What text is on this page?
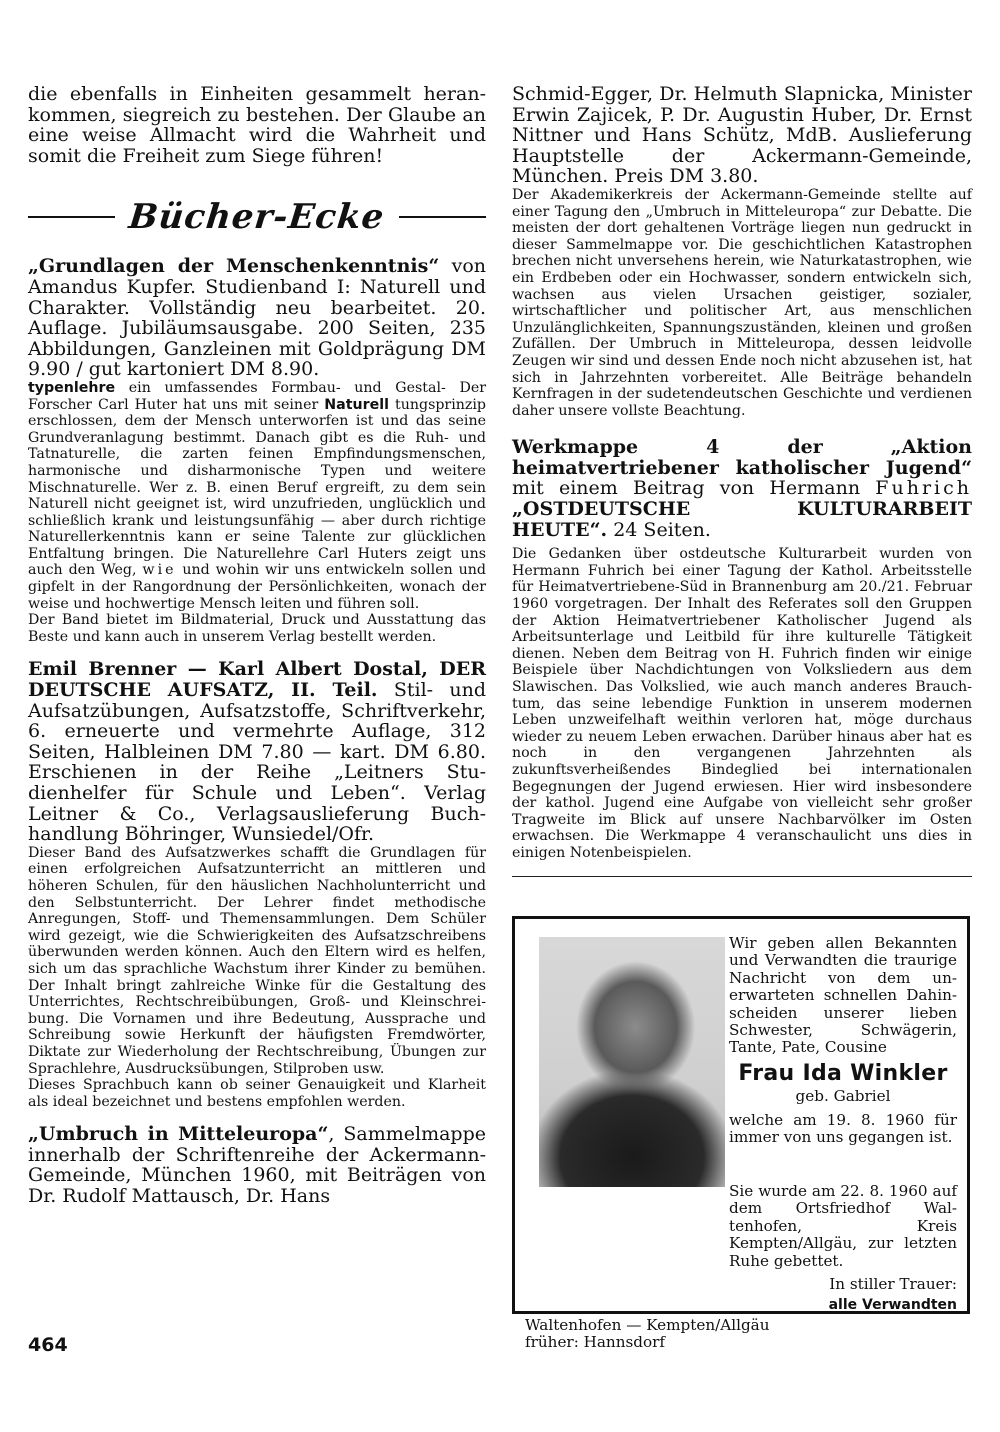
die ebenfalls in Einheiten gesammelt herankommen, siegreich zu bestehen. Der Glaube an eine weise Allmacht wird die Wahrheit und somit die Freiheit zum Siege führen!

Bücher-Ecke

„Grundlagen der Menschenkenntnis“ von Amandus Kupfer. Studienband I: Naturell und Charakter. Vollständig neu bearbeitet. 20. Auflage. Jubiläumsausgabe. 200 Seiten, 235 Abbildungen, Ganzleinen mit Goldprägung DM 9.90 / gut kartoniert DM 8.90.

typenlehre ein umfassendes Formbau- und Gestal- Der Forscher Carl Huter hat uns mit seiner Naturell tungsprinzip erschlossen, dem der Mensch unterworfen ist und das seine Grundveranlagung bestimmt. Danach gibt es die Ruh- und Tatnaturelle, die zarten feinen Empfindungsmenschen, harmonische und disharmonische Typen und weitere Mischnaturelle. Wer z. B. einen Beruf ergreift, zu dem sein Naturell nicht geeignet ist, wird unzufrieden, unglücklich und schließlich krank und leistungsunfähig — aber durch richtige Naturellerkenntnis kann er seine Talente zur glücklichen Entfaltung bringen. Die Naturellehre Carl Huters zeigt uns auch den Weg, wie und wohin wir uns entwickeln sollen und gipfelt in der Rangordnung der Persönlichkeiten, wonach der weise und hochwertige Mensch leiten und führen soll.

Der Band bietet im Bildmaterial, Druck und Ausstattung das Beste und kann auch in unserem Verlag bestellt werden.

Emil Brenner — Karl Albert Dostal, DER DEUTSCHE AUFSATZ, II. Teil. Stil- und Aufsatzübungen, Aufsatzstoffe, Schriftverkehr, 6. erneuerte und vermehrte Auflage, 312 Seiten, Halbleinen DM 7.80 — kart. DM 6.80. Erschienen in der Reihe „Leitners Studienhelfer für Schule und Leben“. Verlag Leitner & Co., Verlagsauslieferung Buchhandlung Böhringer, Wunsiedel/Ofr.

Dieser Band des Aufsatzwerkes schafft die Grundlagen für einen erfolgreichen Aufsatzunterricht an mittleren und höheren Schulen, für den häuslichen Nachholunterricht und den Selbstunterricht. Der Lehrer findet methodische Anregungen, Stoff- und Themensammlungen. Dem Schüler wird gezeigt, wie die Schwierigkeiten des Aufsatzschreibens überwunden werden können. Auch den Eltern wird es helfen, sich um das sprachliche Wachstum ihrer Kinder zu bemühen. Der Inhalt bringt zahlreiche Winke für die Gestaltung des Unterrichtes, Rechtschreibübungen, Groß- und Kleinschreibung. Die Vornamen und ihre Bedeutung, Aussprache und Schreibung sowie Herkunft der häufigsten Fremdwörter, Diktate zur Wiederholung der Rechtschreibung, Übungen zur Sprachlehre, Ausdrucksübungen, Stilproben usw.

Dieses Sprachbuch kann ob seiner Genauigkeit und Klarheit als ideal bezeichnet und bestens empfohlen werden.

„Umbruch in Mitteleuropa“, Sammelmappe innerhalb der Schriftenreihe der Ackermann-Gemeinde, München 1960, mit Beiträgen von Dr. Rudolf Mattausch, Dr. Hans

464

Schmid-Egger, Dr. Helmuth Slapnicka, Minister Erwin Zajicek, P. Dr. Augustin Huber, Dr. Ernst Nittner und Hans Schütz, MdB. Auslieferung Hauptstelle der Ackermann-Gemeinde, München. Preis DM 3.80.

Der Akademikerkreis der Ackermann-Gemeinde stellte auf einer Tagung den „Umbruch in Mitteleuropa“ zur Debatte. Die meisten der dort gehaltenen Vorträge liegen nun gedruckt in dieser Sammelmappe vor. Die geschichtlichen Katastrophen brechen nicht unversehens herein, wie Naturkatastrophen, wie ein Erdbeben oder ein Hochwasser, sondern entwickeln sich, wachsen aus vielen Ursachen geistiger, sozialer, wirtschaftlicher und politischer Art, aus menschlichen Unzulänglichkeiten, Spannungszuständen, kleinen und großen Zufällen. Der Umbruch in Mitteleuropa, dessen leidvolle Zeugen wir sind und dessen Ende noch nicht abzusehen ist, hat sich in Jahrzehnten vorbereitet. Alle Beiträge behandeln Kernfragen in der sudetendeutschen Geschichte und verdienen daher unsere vollste Beachtung.

Werkmappe 4 der „Aktion heimatvertriebener katholischer Jugend“ mit einem Beitrag von Hermann Fuhrich „OSTDEUTSCHE KULTURARBEIT HEUTE“. 24 Seiten.

Die Gedanken über ostdeutsche Kulturarbeit wurden von Hermann Fuhrich bei einer Tagung der Kathol. Arbeitsstelle für Heimatvertriebene-Süd in Brannenburg am 20./21. Februar 1960 vorgetragen. Der Inhalt des Referates soll den Gruppen der Aktion Heimatvertriebener Katholischer Jugend als Arbeitsunterlage und Leitbild für ihre kulturelle Tätigkeit dienen. Neben dem Beitrag von H. Fuhrich finden wir einige Beispiele über Nachdichtungen von Volksliedern aus dem Slawischen. Das Volkslied, wie auch manch anderes Brauchtum, das seine lebendige Funktion in unserem modernen Leben unzweifelhaft weithin verloren hat, möge durchaus wieder zu neuem Leben erwachen. Darüber hinaus aber hat es noch in den vergangenen Jahrzehnten als zukunftsverheißendes Bindeglied bei internationalen Begegnungen der Jugend erwiesen. Hier wird insbesondere der kathol. Jugend eine Aufgabe von vielleicht sehr großer Tragweite im Blick auf unsere Nachbarvölker im Osten erwachsen. Die Werkmappe 4 veranschaulicht uns dies in einigen Notenbeispielen.

Wir geben allen Bekannten und Verwandten die traurige Nachricht von dem unerwarteten schnellen Dahinscheiden unserer lieben Schwester, Schwägerin, Tante, Pate, Cousine
Frau Ida Winkler
geb. Gabriel
welche am 19. 8. 1960 für immer von uns gegangen ist.
Sie wurde am 22. 8. 1960 auf dem Ortsfriedhof Waltenhofen, Kreis Kempten/Allgäu, zur letzten Ruhe gebettet.
In stiller Trauer:
alle Verwandten
Waltenhofen — Kempten/Allgäu
früher: Hannsdorf
